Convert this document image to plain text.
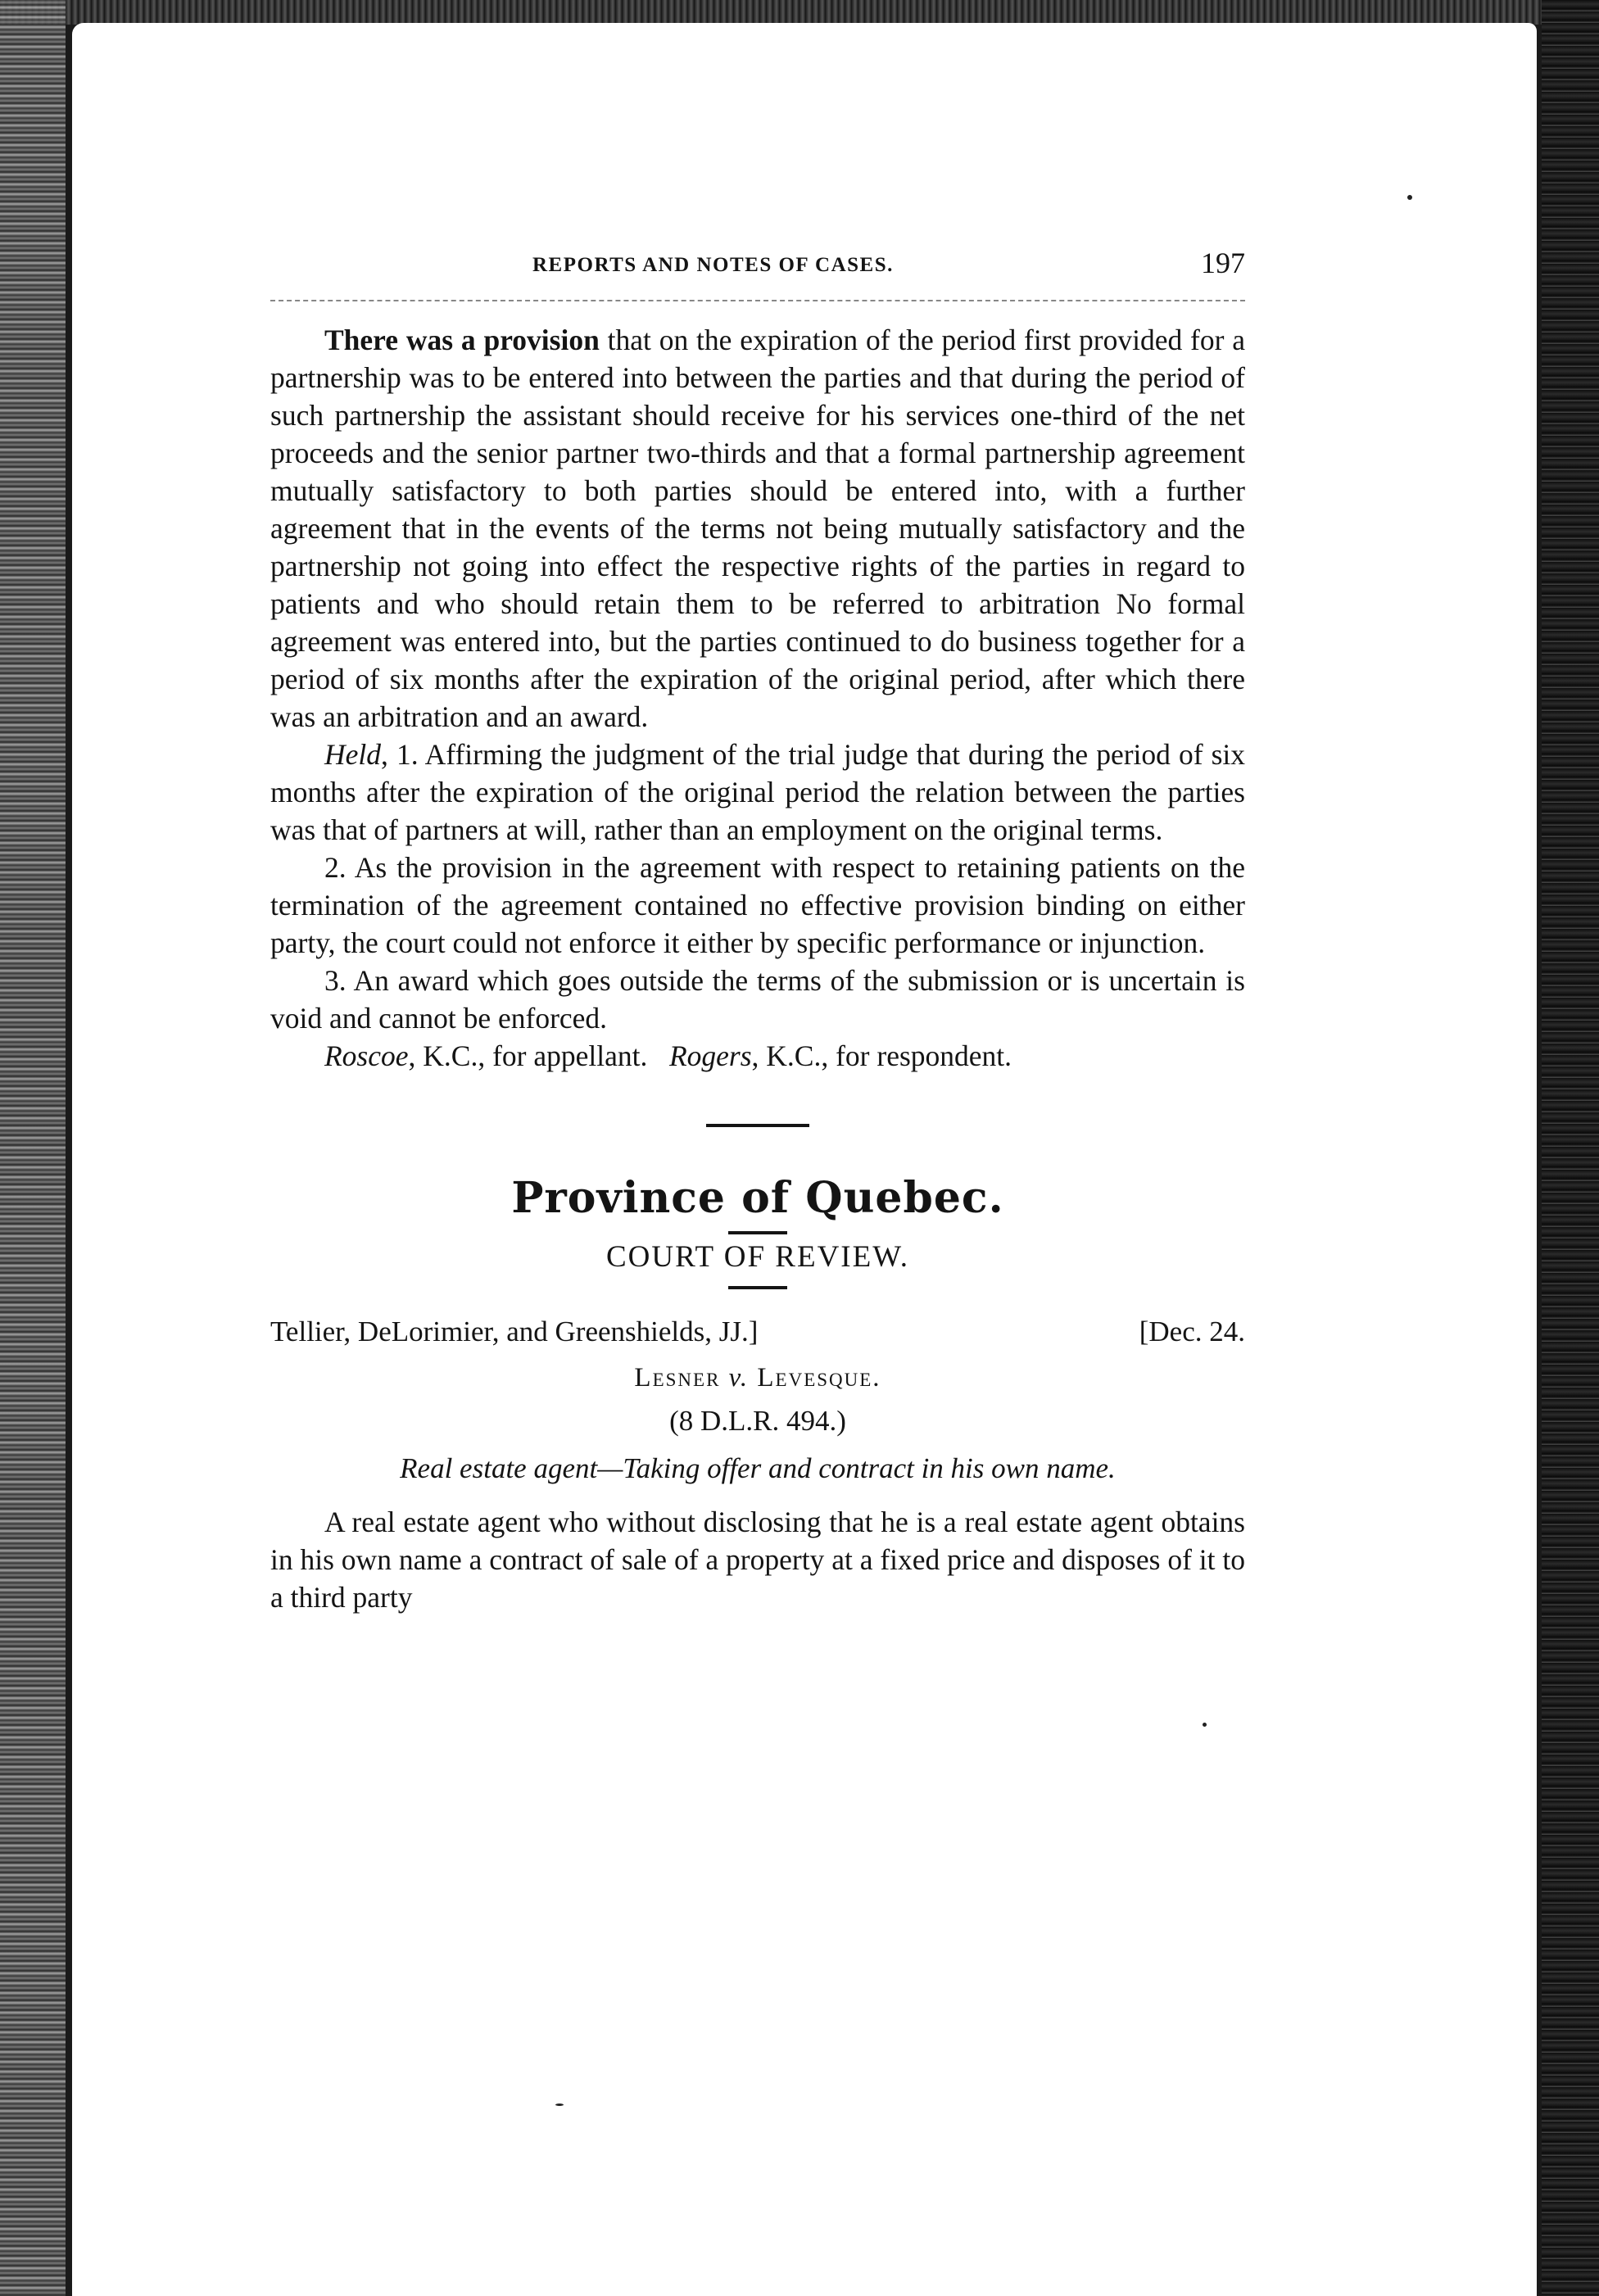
REPORTS AND NOTES OF CASES.	197

There was a provision that on the expiration of the period first provided for a partnership was to be entered into between the parties and that during the period of such partnership the assistant should receive for his services one-third of the net proceeds and the senior partner two-thirds and that a formal partnership agreement mutually satisfactory to both parties should be entered into, with a further agreement that in the events of the terms not being mutually satisfactory and the partnership not going into effect the respective rights of the parties in regard to patients and who should retain them to be referred to arbitration No formal agreement was entered into, but the parties continued to do business together for a period of six months after the expiration of the original period, after which there was an arbitration and an award.

Held, 1. Affirming the judgment of the trial judge that during the period of six months after the expiration of the original period the relation between the parties was that of partners at will, rather than an employment on the original terms.

2. As the provision in the agreement with respect to retaining patients on the termination of the agreement contained no effective provision binding on either party, the court could not enforce it either by specific performance or injunction.

3. An award which goes outside the terms of the submission or is uncertain is void and cannot be enforced.

Roscoe, K.C., for appellant. Rogers, K.C., for respondent.

Province of Quebec.
COURT OF REVIEW.
Tellier, DeLorimier, and Greenshields, JJ.]	[Dec. 24.
Lesner v. Levesque.
(8 D.L.R. 494.)
Real estate agent—Taking offer and contract in his own name.

A real estate agent who without disclosing that he is a real estate agent obtains in his own name a contract of sale of a property at a fixed price and disposes of it to a third party
